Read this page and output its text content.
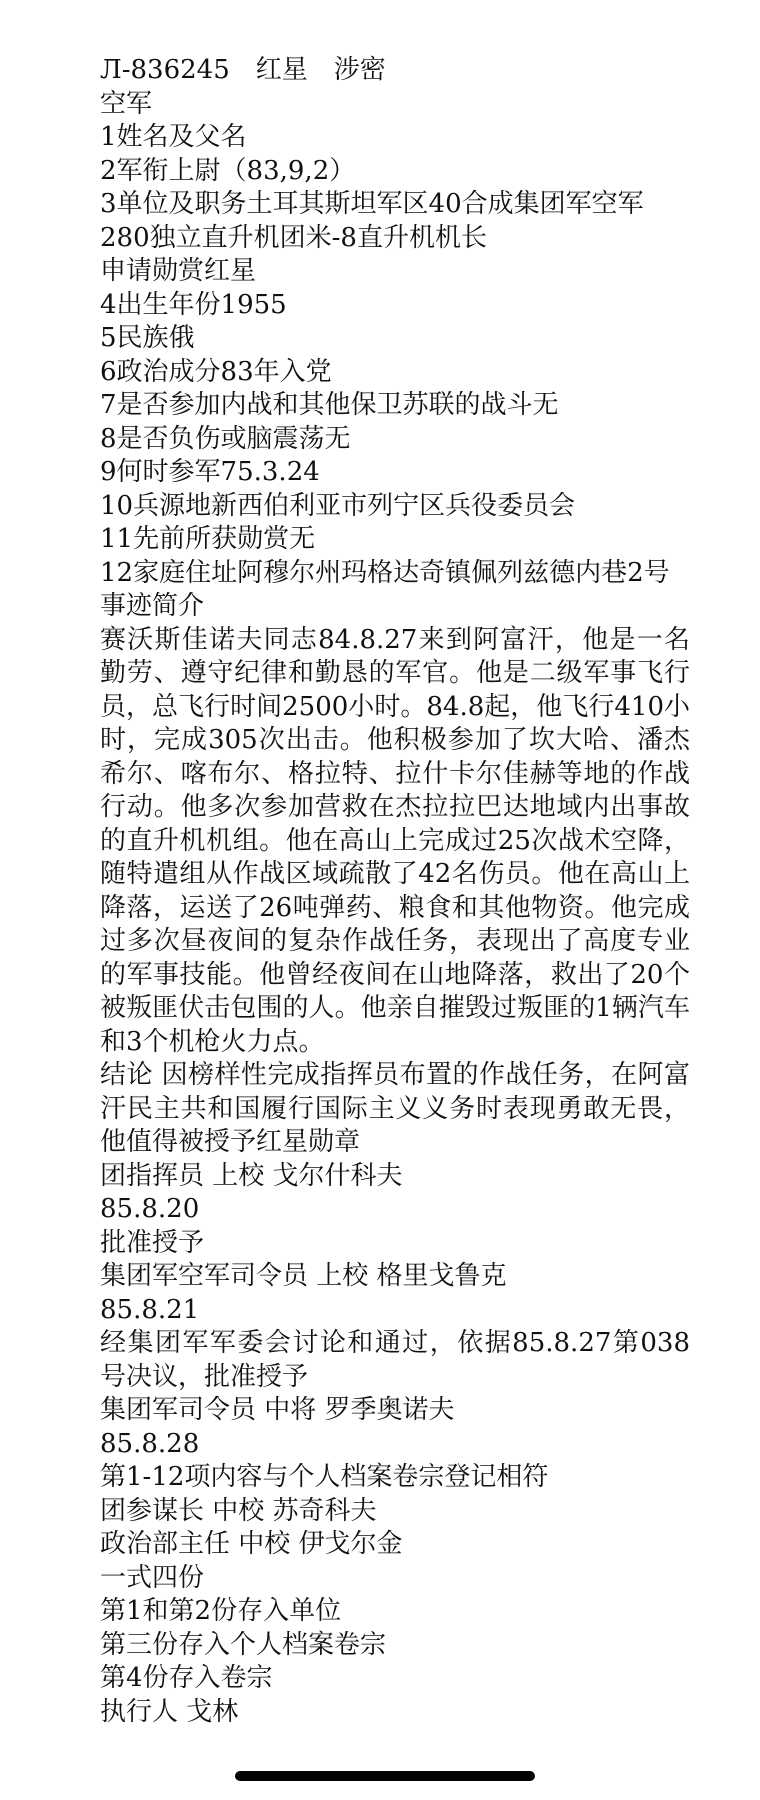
Л-836245　红星　涉密
空军
1姓名及父名
2军衔上尉（83,9,2）
3单位及职务土耳其斯坦军区40合成集团军空军
280独立直升机团米-8直升机机长
申请勋赏红星
4出生年份1955
5民族俄
6政治成分83年入党
7是否参加内战和其他保卫苏联的战斗无
8是否负伤或脑震荡无
9何时参军75.3.24
10兵源地新西伯利亚市列宁区兵役委员会
11先前所获勋赏无
12家庭住址阿穆尔州玛格达奇镇佩列兹德内巷2号
事迹简介
赛沃斯佳诺夫同志84.8.27来到阿富汗，他是一名勤劳、遵守纪律和勤恳的军官。他是二级军事飞行员，总飞行时间2500小时。84.8起，他飞行410小时，完成305次出击。他积极参加了坎大哈、潘杰希尔、喀布尔、格拉特、拉什卡尔佳赫等地的作战行动。他多次参加营救在杰拉拉巴达地域内出事故的直升机机组。他在高山上完成过25次战术空降，随特遣组从作战区域疏散了42名伤员。他在高山上降落，运送了26吨弹药、粮食和其他物资。他完成过多次昼夜间的复杂作战任务，表现出了高度专业的军事技能。他曾经夜间在山地降落，救出了20个被叛匪伏击包围的人。他亲自摧毁过叛匪的1辆汽车和3个机枪火力点。
结论 因榜样性完成指挥员布置的作战任务，在阿富汗民主共和国履行国际主义义务时表现勇敢无畏，他值得被授予红星勋章
团指挥员 上校 戈尔什科夫
85.8.20
批准授予
集团军空军司令员 上校 格里戈鲁克
85.8.21
经集团军军委会讨论和通过，依据85.8.27第038号决议，批准授予
集团军司令员 中将 罗季奥诺夫
85.8.28
第1-12项内容与个人档案卷宗登记相符
团参谋长 中校 苏奇科夫
政治部主任 中校 伊戈尔金
一式四份
第1和第2份存入单位
第三份存入个人档案卷宗
第4份存入卷宗
执行人 戈林
